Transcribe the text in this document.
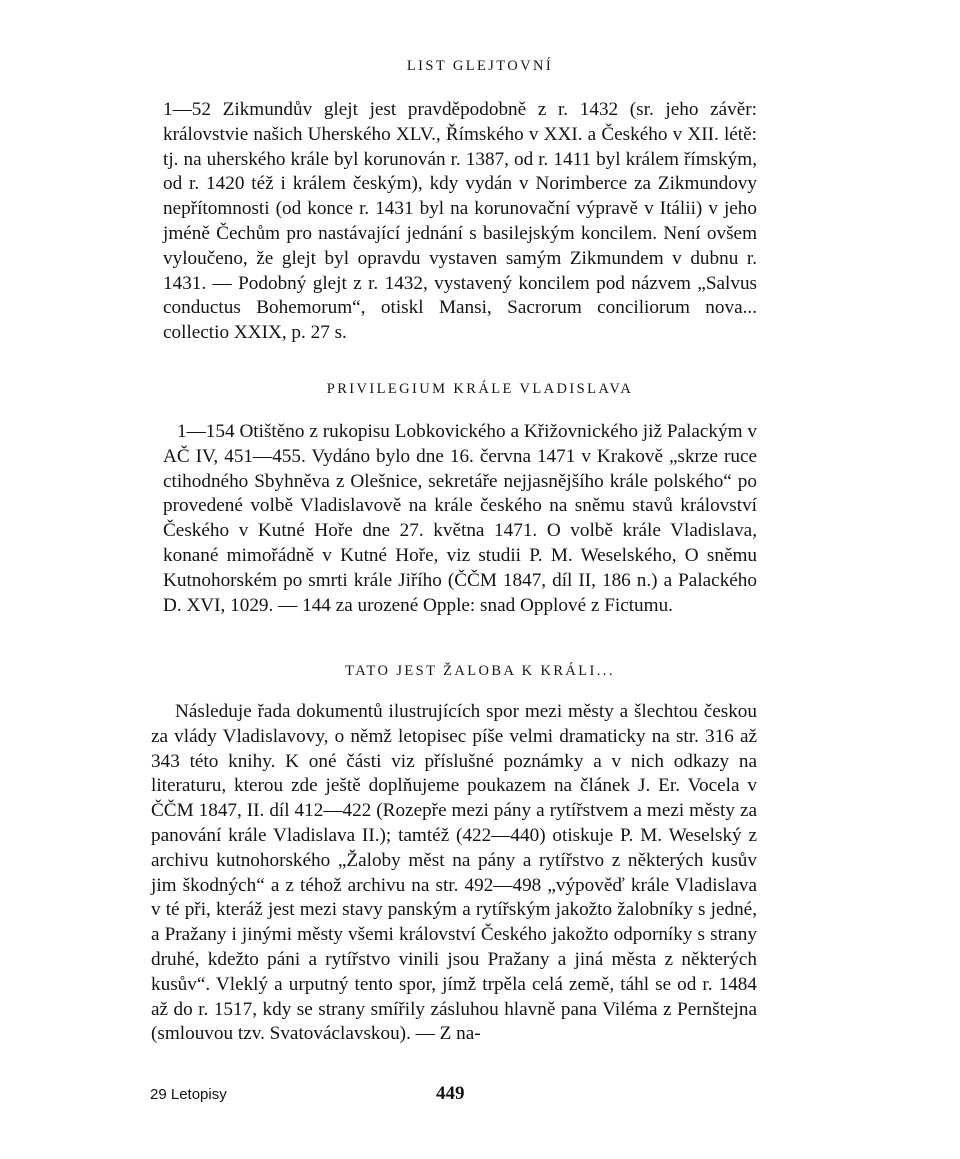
LIST GLEJTOVNÍ

1—52 Zikmundův glejt jest pravděpodobně z r. 1432 (sr. jeho závěr: královstvie našich Uherského XLV., Římského v XXI. a Českého v XII. létě: tj. na uherského krále byl korunován r. 1387, od r. 1411 byl králem římským, od r. 1420 též i králem českým), kdy vydán v Norimberce za Zikmundovy nepřítomnosti (od konce r. 1431 byl na korunovační výpravě v Itálii) v jeho jméně Čechům pro nastávající jednání s basilejským koncilem. Není ovšem vyloučeno, že glejt byl opravdu vystaven samým Zikmundem v dubnu r. 1431. — Podobný glejt z r. 1432, vystavený koncilem pod názvem „Salvus conductus Bohemorum“, otiskl Mansi, Sacrorum conciliorum nova... collectio XXIX, p. 27 s.

PRIVILEGIUM KRÁLE VLADISLAVA

1—154 Otištěno z rukopisu Lobkovického a Křižovnického již Palackým v AČ IV, 451—455. Vydáno bylo dne 16. června 1471 v Krakově „skrze ruce ctihodného Sbyhněva z Olešnice, sekretáře nejjasnějšího krále polského“ po provedené volbě Vladislavově na krále českého na sněmu stavů království Českého v Kutné Hoře dne 27. května 1471. O volbě krále Vladislava, konané mimořádně v Kutné Hoře, viz studii P. M. Weselského, O sněmu Kutnohorském po smrti krále Jiřího (ČČM 1847, díl II, 186 n.) a Palackého D. XVI, 1029. — 144 za urozené Opple: snad Opplové z Fictumu.

TATO JEST ŽALOBA K KRÁLI...

Následuje řada dokumentů ilustrujících spor mezi městy a šlechtou českou za vlády Vladislavovy, o němž letopisec píše velmi dramaticky na str. 316 až 343 této knihy. K oné části viz příslušné poznámky a v nich odkazy na literaturu, kterou zde ještě doplňujeme poukazem na článek J. Er. Vocela v ČČM 1847, II. díl 412—422 (Rozepře mezi pány a rytířstvem a mezi městy za panování krále Vladislava II.); tamtéž (422—440) otiskuje P. M. Weselský z archivu kutnohorského „Žaloby měst na pány a rytířstvo z některých kusův jim škodných“ a z téhož archivu na str. 492—498 „výpověď krále Vladislava v té při, kteráž jest mezi stavy panským a rytířským jakožto žalobníky s jedné, a Pražany i jinými městy všemi království Českého jakožto odporníky s strany druhé, kdežto páni a rytířstvo vinili jsou Pražany a jiná města z některých kusův“. Vleklý a urputný tento spor, jímž trpěla celá země, táhl se od r. 1484 až do r. 1517, kdy se strany smířily zásluhou hlavně pana Viléma z Pernštejna (smlouvou tzv. Svatováclavskou). — Z na-

29 Letopisy	449
